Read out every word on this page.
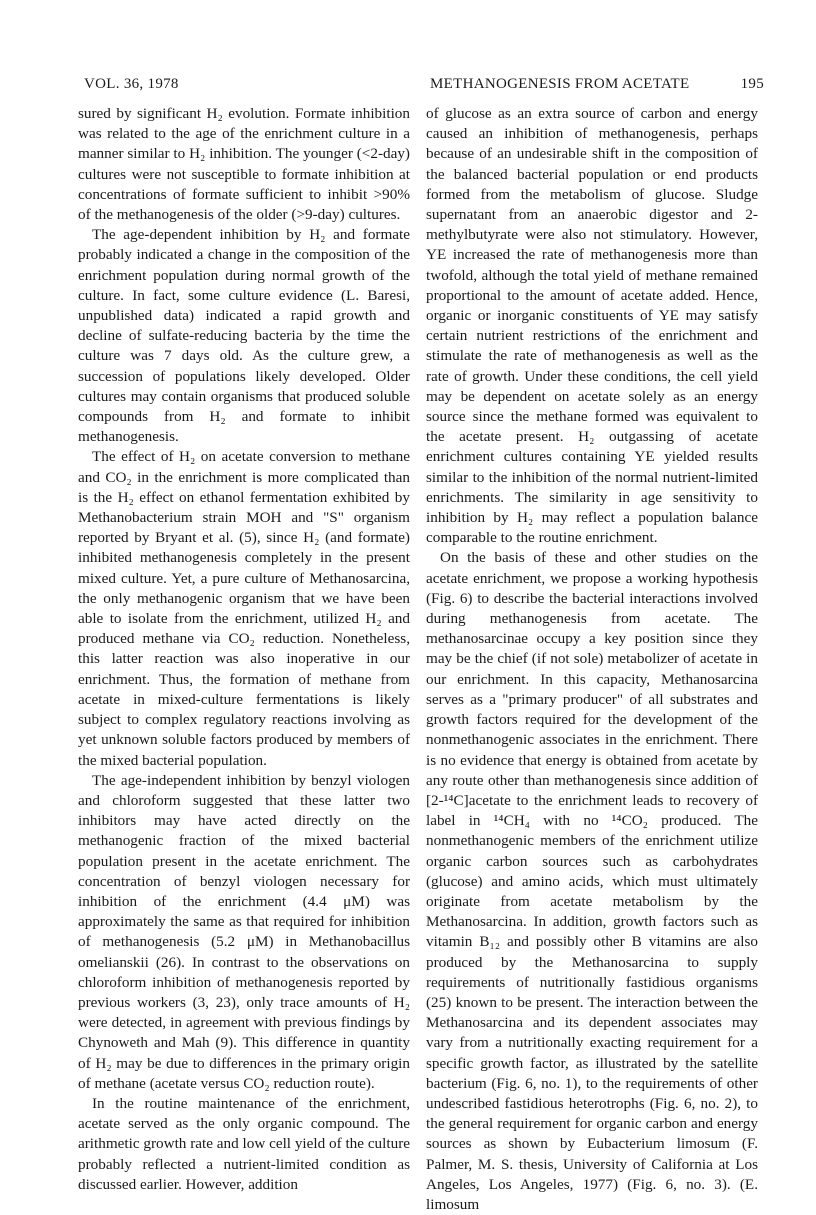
VOL. 36, 1978	METHANOGENESIS FROM ACETATE	195

sured by significant H₂ evolution. Formate inhibition was related to the age of the enrichment culture in a manner similar to H₂ inhibition. The younger (<2-day) cultures were not susceptible to formate inhibition at concentrations of formate sufficient to inhibit >90% of the methanogenesis of the older (>9-day) cultures.

The age-dependent inhibition by H₂ and formate probably indicated a change in the composition of the enrichment population during normal growth of the culture. In fact, some culture evidence (L. Baresi, unpublished data) indicated a rapid growth and decline of sulfate-reducing bacteria by the time the culture was 7 days old. As the culture grew, a succession of populations likely developed. Older cultures may contain organisms that produced soluble compounds from H₂ and formate to inhibit methanogenesis.

The effect of H₂ on acetate conversion to methane and CO₂ in the enrichment is more complicated than is the H₂ effect on ethanol fermentation exhibited by Methanobacterium strain MOH and "S" organism reported by Bryant et al. (5), since H₂ (and formate) inhibited methanogenesis completely in the present mixed culture. Yet, a pure culture of Methanosarcina, the only methanogenic organism that we have been able to isolate from the enrichment, utilized H₂ and produced methane via CO₂ reduction. Nonetheless, this latter reaction was also inoperative in our enrichment. Thus, the formation of methane from acetate in mixed-culture fermentations is likely subject to complex regulatory reactions involving as yet unknown soluble factors produced by members of the mixed bacterial population.

The age-independent inhibition by benzyl viologen and chloroform suggested that these latter two inhibitors may have acted directly on the methanogenic fraction of the mixed bacterial population present in the acetate enrichment. The concentration of benzyl viologen necessary for inhibition of the enrichment (4.4 μM) was approximately the same as that required for inhibition of methanogenesis (5.2 μM) in Methanobacillus omelianskii (26). In contrast to the observations on chloroform inhibition of methanogenesis reported by previous workers (3, 23), only trace amounts of H₂ were detected, in agreement with previous findings by Chynoweth and Mah (9). This difference in quantity of H₂ may be due to differences in the primary origin of methane (acetate versus CO₂ reduction route).

In the routine maintenance of the enrichment, acetate served as the only organic compound. The arithmetic growth rate and low cell yield of the culture probably reflected a nutrient-limited condition as discussed earlier. However, addition

of glucose as an extra source of carbon and energy caused an inhibition of methanogenesis, perhaps because of an undesirable shift in the composition of the balanced bacterial population or end products formed from the metabolism of glucose. Sludge supernatant from an anaerobic digestor and 2-methylbutyrate were also not stimulatory. However, YE increased the rate of methanogenesis more than twofold, although the total yield of methane remained proportional to the amount of acetate added. Hence, organic or inorganic constituents of YE may satisfy certain nutrient restrictions of the enrichment and stimulate the rate of methanogenesis as well as the rate of growth. Under these conditions, the cell yield may be dependent on acetate solely as an energy source since the methane formed was equivalent to the acetate present. H₂ outgassing of acetate enrichment cultures containing YE yielded results similar to the inhibition of the normal nutrient-limited enrichments. The similarity in age sensitivity to inhibition by H₂ may reflect a population balance comparable to the routine enrichment.

On the basis of these and other studies on the acetate enrichment, we propose a working hypothesis (Fig. 6) to describe the bacterial interactions involved during methanogenesis from acetate. The methanosarcinae occupy a key position since they may be the chief (if not sole) metabolizer of acetate in our enrichment. In this capacity, Methanosarcina serves as a "primary producer" of all substrates and growth factors required for the development of the nonmethanogenic associates in the enrichment. There is no evidence that energy is obtained from acetate by any route other than methanogenesis since addition of [2-¹⁴C]acetate to the enrichment leads to recovery of label in ¹⁴CH₄ with no ¹⁴CO₂ produced. The nonmethanogenic members of the enrichment utilize organic carbon sources such as carbohydrates (glucose) and amino acids, which must ultimately originate from acetate metabolism by the Methanosarcina. In addition, growth factors such as vitamin B₁₂ and possibly other B vitamins are also produced by the Methanosarcina to supply requirements of nutritionally fastidious organisms (25) known to be present. The interaction between the Methanosarcina and its dependent associates may vary from a nutritionally exacting requirement for a specific growth factor, as illustrated by the satellite bacterium (Fig. 6, no. 1), to the requirements of other undescribed fastidious heterotrophs (Fig. 6, no. 2), to the general requirement for organic carbon and energy sources as shown by Eubacterium limosum (F. Palmer, M. S. thesis, University of California at Los Angeles, Los Angeles, 1977) (Fig. 6, no. 3). (E. limosum
